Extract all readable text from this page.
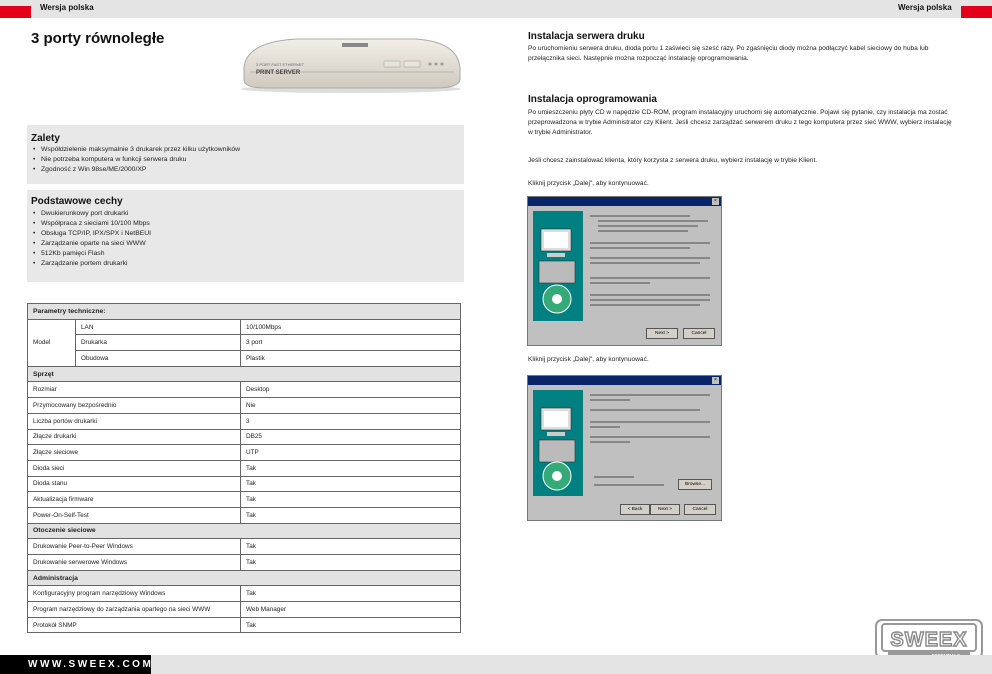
Wersja polska	Wersja polska
3 porty równoległe
3 PORT FAST ETHERNET
PRINT SERVER
Zalety
• Współdzielenie maksymalnie 3 drukarek przez kilku użytkowników
• Nie potrzeba komputera w funkcji serwera druku
• Zgodność z Win 98se/ME/2000/XP
Podstawowe cechy
• Dwukierunkowy port drukarki
• Współpraca z sieciami 10/100 Mbps
• Obsługa TCP/IP, IPX/SPX i NetBEUI
• Zarządzanie oparte na sieci WWW
• 512Kb pamięci Flash
• Zarządzanie portem drukarki
Parametry techniczne:		
Model	LAN	10/100Mbps
	Drukarka	3 port
	Obudowa	Plastik
Sprzęt		
Rozmiar		Desktop
Przymocowany bezpośrednio		Nie
Liczba portów drukarki		3
Złącze drukarki		DB25
Złącze sieciowe		UTP
Dioda sieci		Tak
Dioda stanu		Tak
Aktualizacja firmware		Tak
Power-On-Self-Test		Tak
Otoczenie sieciowe		
Drukowanie Peer-to-Peer Windows		Tak
Drukowanie serwerowe Windows		Tak
Administracja		
Konfiguracyjny program narzędziowy Windows		Tak
Program narzędziowy do zarządzania opartego na sieci WWW		Web Manager
Protokół SNMP		Tak
Instalacja serwera druku
Po uruchomieniu serwera druku, dioda portu 1 zaświeci się sześć razy. Po zgaśnięciu diody można podłączyć kabel sieciowy do huba lub przełącznika sieci. Następnie można rozpocząć instalację oprogramowania.
Instalacja oprogramowania
Po umieszczeniu płyty CD w napędzie CD-ROM, program instalacyjny uruchomi się automatycznie. Pojawi się pytanie, czy instalacja ma zostać przeprowadzona w trybie Administrator czy Klient. Jeśli chcesz zarządzać serwerem druku z tego komputera przez sieć WWW, wybierz instalację w trybie Administrator.
Jeśli chcesz zainstalować klienta, który korzysta z serwera druku, wybierz instalację w trybie Klient.
Kliknij przycisk „Dalej", aby kontynuować.
×
Next >	Cancel
Kliknij przycisk „Dalej", aby kontynuować.
×
Browse...
< Back	Next >	Cancel
SWEEX
WWW.SWEEX.COM
